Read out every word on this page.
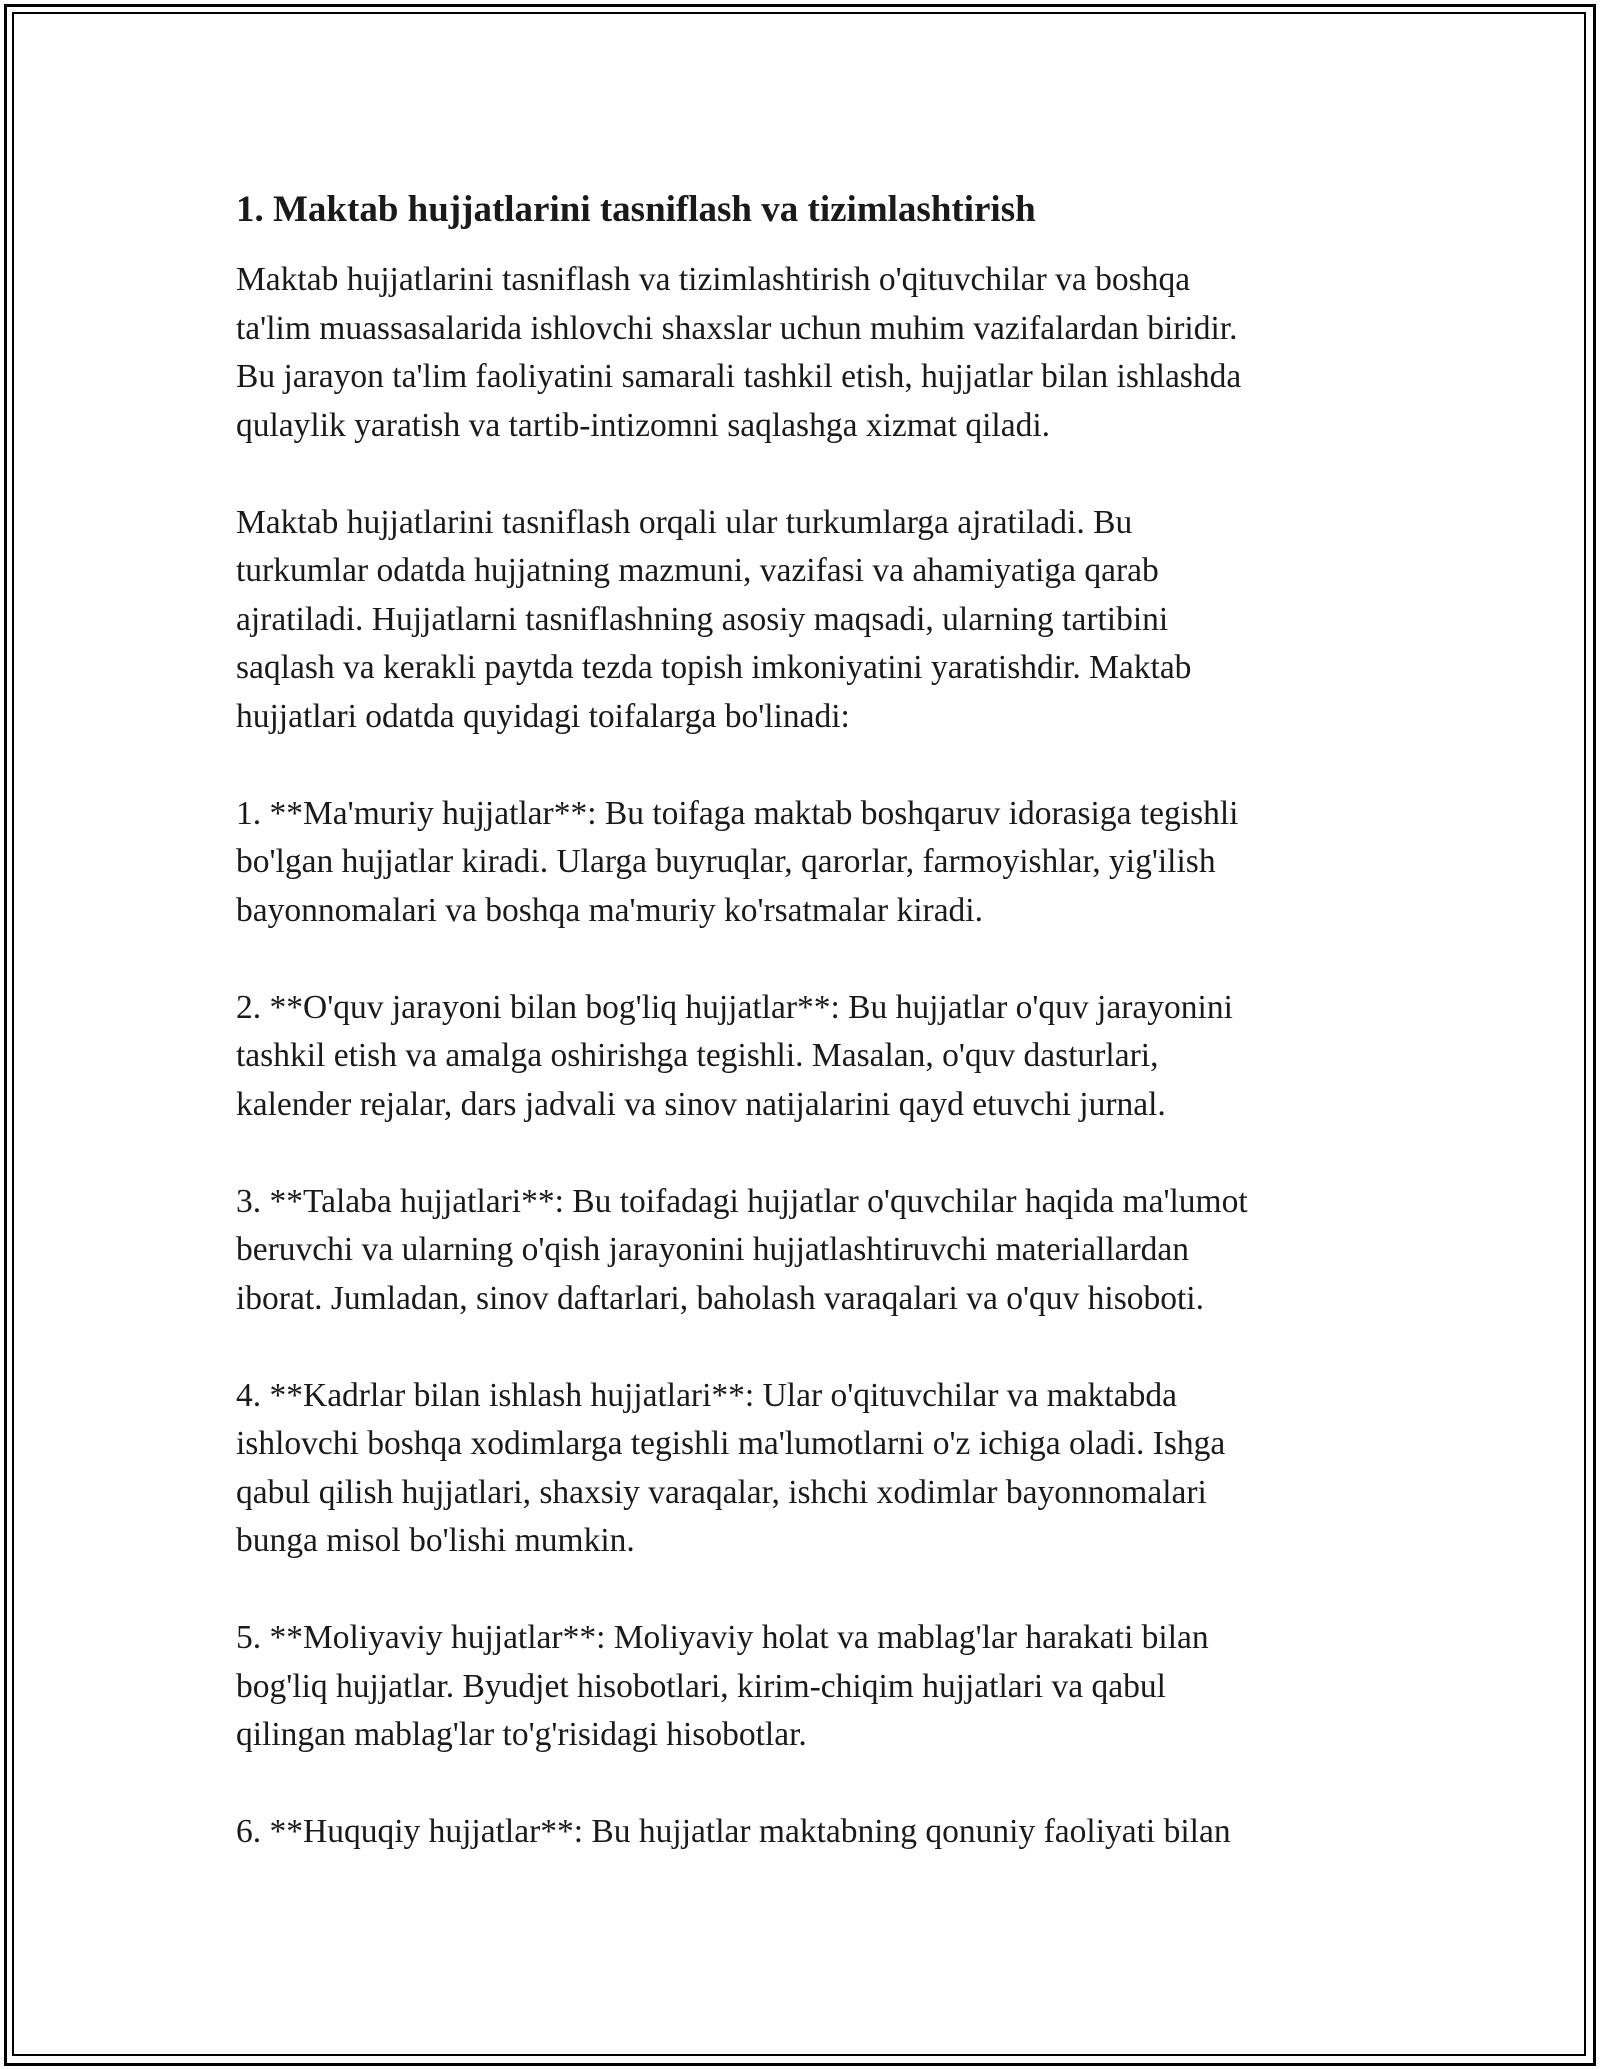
1. Maktab hujjatlarini tasniflash va tizimlashtirish

Maktab hujjatlarini tasniflash va tizimlashtirish o'qituvchilar va boshqa
ta'lim muassasalarida ishlovchi shaxslar uchun muhim vazifalardan biridir.
Bu jarayon ta'lim faoliyatini samarali tashkil etish, hujjatlar bilan ishlashda
qulaylik yaratish va tartib-intizomni saqlashga xizmat qiladi.

Maktab hujjatlarini tasniflash orqali ular turkumlarga ajratiladi. Bu
turkumlar odatda hujjatning mazmuni, vazifasi va ahamiyatiga qarab
ajratiladi. Hujjatlarni tasniflashning asosiy maqsadi, ularning tartibini
saqlash va kerakli paytda tezda topish imkoniyatini yaratishdir. Maktab
hujjatlari odatda quyidagi toifalarga bo'linadi:

1. **Ma'muriy hujjatlar**: Bu toifaga maktab boshqaruv idorasiga tegishli
bo'lgan hujjatlar kiradi. Ularga buyruqlar, qarorlar, farmoyishlar, yig'ilish
bayonnomalari va boshqa ma'muriy ko'rsatmalar kiradi.

2. **O'quv jarayoni bilan bog'liq hujjatlar**: Bu hujjatlar o'quv jarayonini
tashkil etish va amalga oshirishga tegishli. Masalan, o'quv dasturlari,
kalender rejalar, dars jadvali va sinov natijalarini qayd etuvchi jurnal.

3. **Talaba hujjatlari**: Bu toifadagi hujjatlar o'quvchilar haqida ma'lumot
beruvchi va ularning o'qish jarayonini hujjatlashtiruvchi materiallardan
iborat. Jumladan, sinov daftarlari, baholash varaqalari va o'quv hisoboti.

4. **Kadrlar bilan ishlash hujjatlari**: Ular o'qituvchilar va maktabda
ishlovchi boshqa xodimlarga tegishli ma'lumotlarni o'z ichiga oladi. Ishga
qabul qilish hujjatlari, shaxsiy varaqalar, ishchi xodimlar bayonnomalari
bunga misol bo'lishi mumkin.

5. **Moliyaviy hujjatlar**: Moliyaviy holat va mablag'lar harakati bilan
bog'liq hujjatlar. Byudjet hisobotlari, kirim-chiqim hujjatlari va qabul
qilingan mablag'lar to'g'risidagi hisobotlar.

6. **Huquqiy hujjatlar**: Bu hujjatlar maktabning qonuniy faoliyati bilan
